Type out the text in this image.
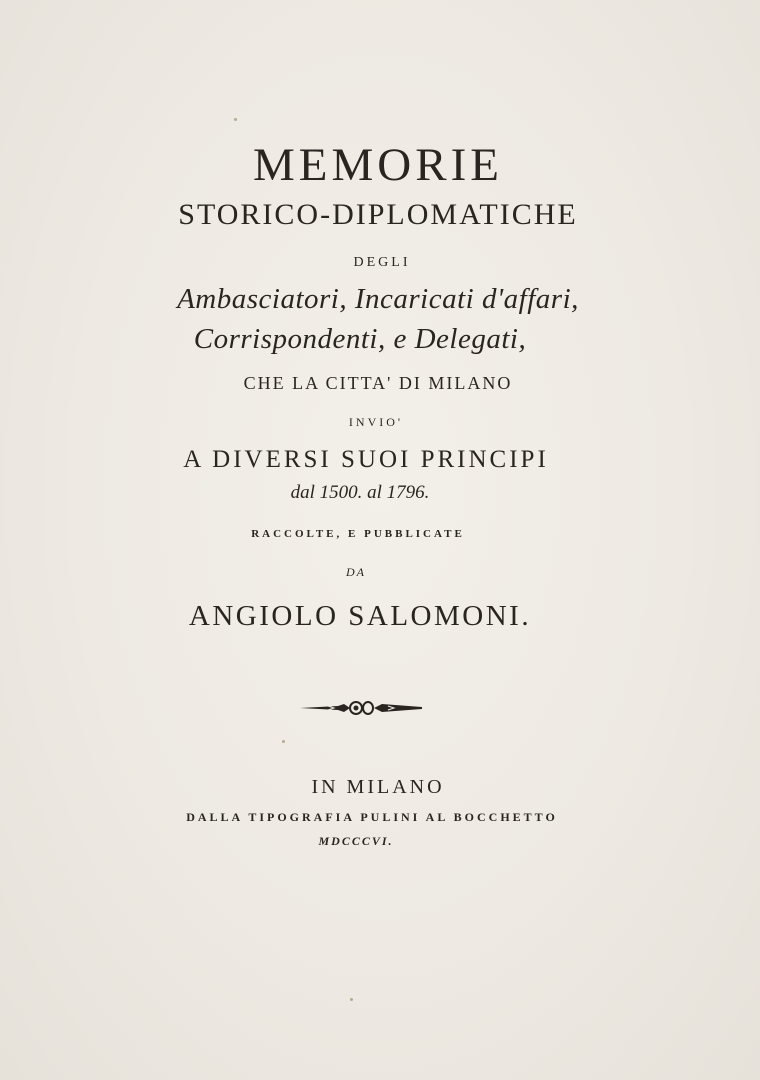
MEMORIE
STORICO-DIPLOMATICHE
DEGLI
Ambasciatori, Incaricati d'affari,
Corrispondenti, e Delegati,
CHE LA CITTA' DI MILANO
INVIO'
A DIVERSI SUOI PRINCIPI
dal 1500. al 1796.
RACCOLTE, E PUBBLICATE
DA
ANGIOLO SALOMONI.
IN MILANO
DALLA TIPOGRAFIA PULINI AL BOCCHETTO
MDCCCVI.
